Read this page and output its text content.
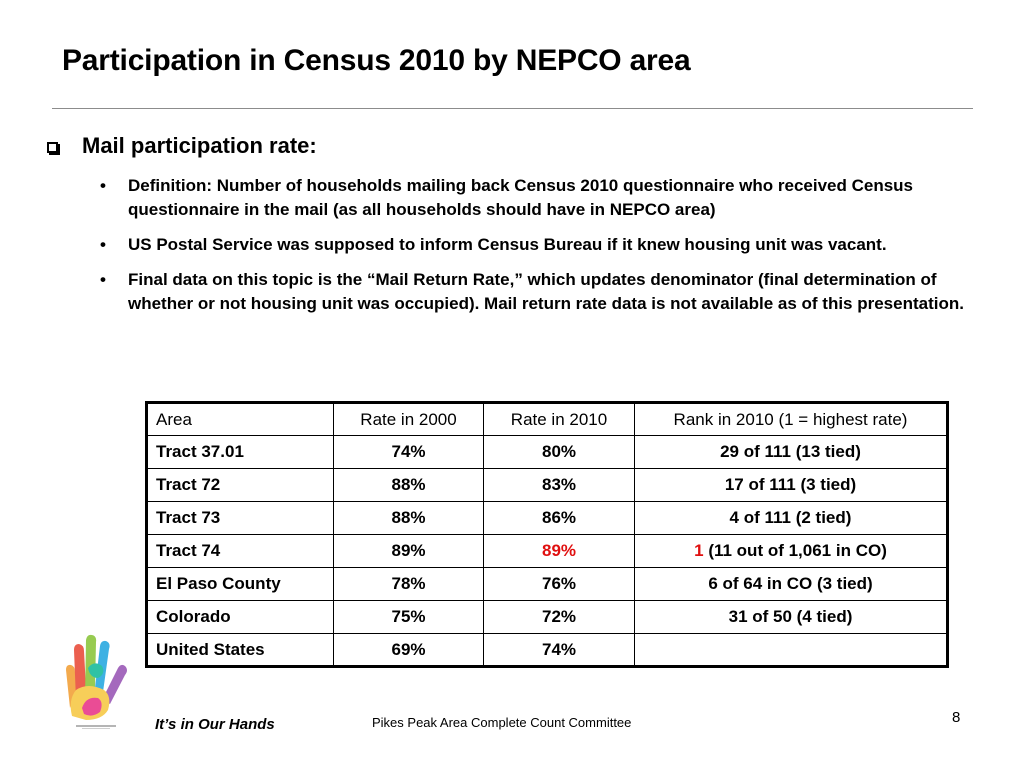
Participation in Census 2010 by NEPCO area
Mail participation rate:
•	Definition: Number of households mailing back Census 2010 questionnaire who received Census questionnaire in the mail (as all households should have in NEPCO area)
•	US Postal Service was supposed to inform Census Bureau if it knew housing unit was vacant.
•	Final data on this topic is the “Mail Return Rate,” which updates denominator (final determination of whether or not housing unit was occupied). Mail return rate data is not available as of this presentation.
Area	Rate in 2000	Rate in 2010	Rank in 2010 (1 = highest rate)
Tract 37.01	74%	80%	29 of 111 (13 tied)
Tract 72	88%	83%	17 of 111 (3 tied)
Tract 73	88%	86%	4 of 111 (2 tied)
Tract 74	89%	89%	1 (11 out of 1,061 in CO)
El Paso County	78%	76%	6 of 64 in CO (3 tied)
Colorado	75%	72%	31 of 50 (4 tied)
United States	69%	74%	
It’s in Our Hands	Pikes Peak Area Complete Count Committee	8
